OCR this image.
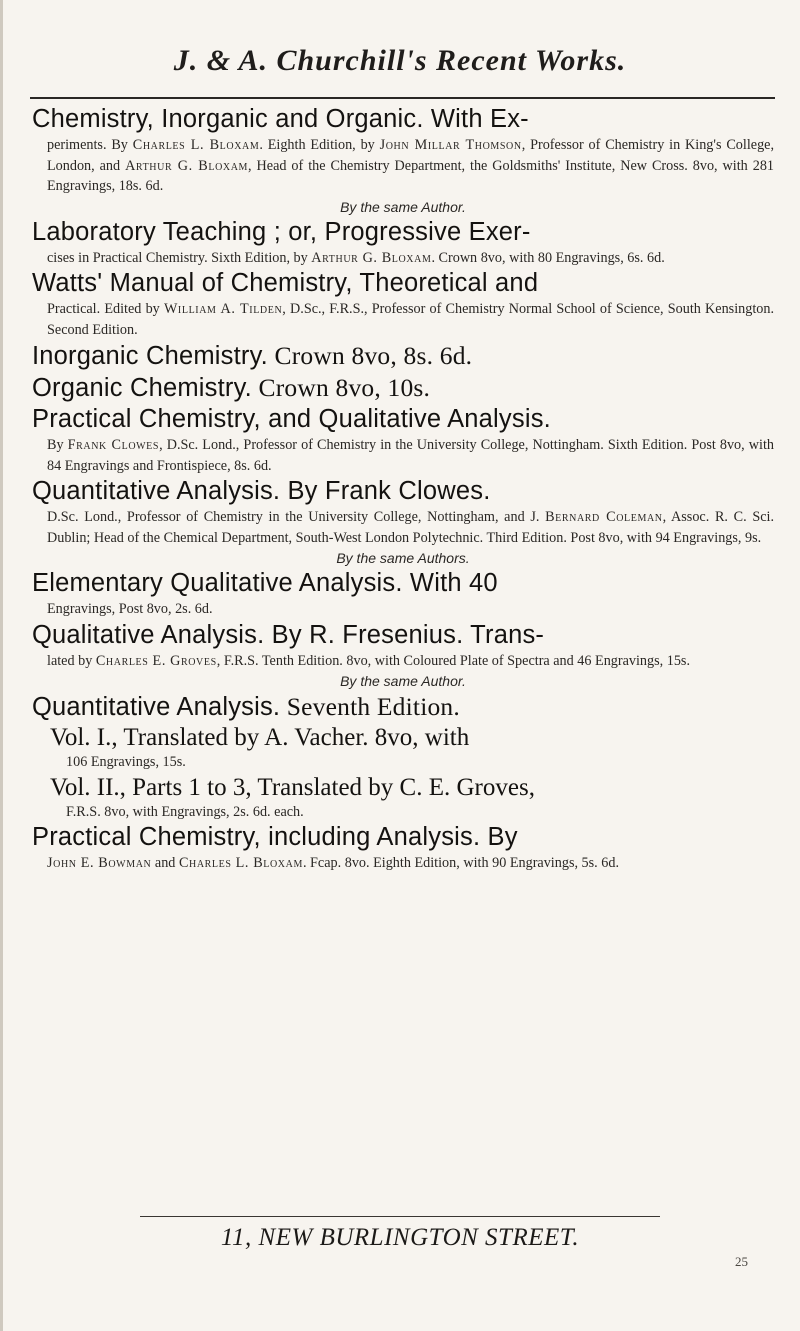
J. & A. Churchill's Recent Works.
Chemistry, Inorganic and Organic. With Ex-
periments. By Charles L. Bloxam. Eighth Edition, by John Millar Thomson, Professor of Chemistry in King's College, London, and Arthur G. Bloxam, Head of the Chemistry Department, the Goldsmiths' Institute, New Cross. 8vo, with 281 Engravings, 18s. 6d.
By the same Author.
Laboratory Teaching ; or, Progressive Exer-
cises in Practical Chemistry. Sixth Edition, by Arthur G. Bloxam. Crown 8vo, with 80 Engravings, 6s. 6d.
Watts' Manual of Chemistry, Theoretical and
Practical. Edited by William A. Tilden, D.Sc., F.R.S., Professor of Chemistry Normal School of Science, South Kensington. Second Edition.
Inorganic Chemistry. Crown 8vo, 8s. 6d.
Organic Chemistry. Crown 8vo, 10s.
Practical Chemistry, and Qualitative Analysis.
By Frank Clowes, D.Sc. Lond., Professor of Chemistry in the University College, Nottingham. Sixth Edition. Post 8vo, with 84 Engravings and Frontispiece, 8s. 6d.
Quantitative Analysis. By Frank Clowes.
D.Sc. Lond., Professor of Chemistry in the University College, Nottingham, and J. Bernard Coleman, Assoc. R. C. Sci. Dublin; Head of the Chemical Department, South-West London Polytechnic. Third Edition. Post 8vo, with 94 Engravings, 9s.
By the same Authors.
Elementary Qualitative Analysis. With 40
Engravings, Post 8vo, 2s. 6d.
Qualitative Analysis. By R. Fresenius. Trans-
lated by Charles E. Groves, F.R.S. Tenth Edition. 8vo, with Coloured Plate of Spectra and 46 Engravings, 15s.
By the same Author.
Quantitative Analysis. Seventh Edition.
Vol. I., Translated by A. Vacher. 8vo, with
106 Engravings, 15s.
Vol. II., Parts 1 to 3, Translated by C. E. Groves,
F.R.S. 8vo, with Engravings, 2s. 6d. each.
Practical Chemistry, including Analysis. By
John E. Bowman and Charles L. Bloxam. Fcap. 8vo. Eighth Edition, with 90 Engravings, 5s. 6d.
11, NEW BURLINGTON STREET.
25
